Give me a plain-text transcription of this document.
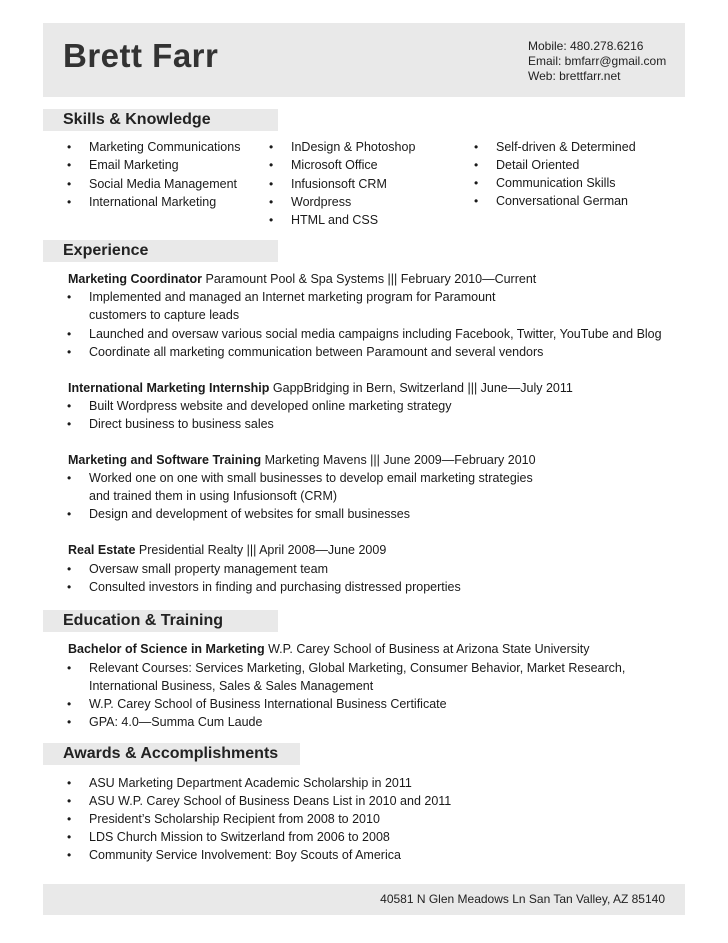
Brett Farr	Mobile: 480.278.6216
Email: bmfarr@gmail.com
Web: brettfarr.net
Skills & Knowledge
• Marketing Communications
• Email Marketing
• Social Media Management
• International Marketing
• InDesign & Photoshop
• Microsoft Office
• Infusionsoft CRM
• Wordpress
• HTML and CSS
• Self-driven & Determined
• Detail Oriented
• Communication Skills
• Conversational German
Experience
Marketing Coordinator Paramount Pool & Spa Systems ||| February 2010—Current
• Implemented and managed an Internet marketing program for Paramount
customers to capture leads
• Launched and oversaw various social media campaigns including Facebook, Twitter, YouTube and Blog
• Coordinate all marketing communication between Paramount and several vendors
International Marketing Internship GappBridging in Bern, Switzerland ||| June—July 2011
• Built Wordpress website and developed online marketing strategy
• Direct business to business sales
Marketing and Software Training Marketing Mavens ||| June 2009—February 2010
• Worked one on one with small businesses to develop email marketing strategies
and trained them in using Infusionsoft (CRM)
• Design and development of websites for small businesses
Real Estate Presidential Realty ||| April 2008—June 2009
• Oversaw small property management team
• Consulted investors in finding and purchasing distressed properties
Education & Training
Bachelor of Science in Marketing W.P. Carey School of Business at Arizona State University
• Relevant Courses: Services Marketing, Global Marketing, Consumer Behavior, Market Research,
International Business, Sales & Sales Management
• W.P. Carey School of Business International Business Certificate
• GPA: 4.0—Summa Cum Laude
Awards & Accomplishments
• ASU Marketing Department Academic Scholarship in 2011
• ASU W.P. Carey School of Business Deans List in 2010 and 2011
• President’s Scholarship Recipient from 2008 to 2010
• LDS Church Mission to Switzerland from 2006 to 2008
• Community Service Involvement: Boy Scouts of America
40581 N Glen Meadows Ln San Tan Valley, AZ 85140
